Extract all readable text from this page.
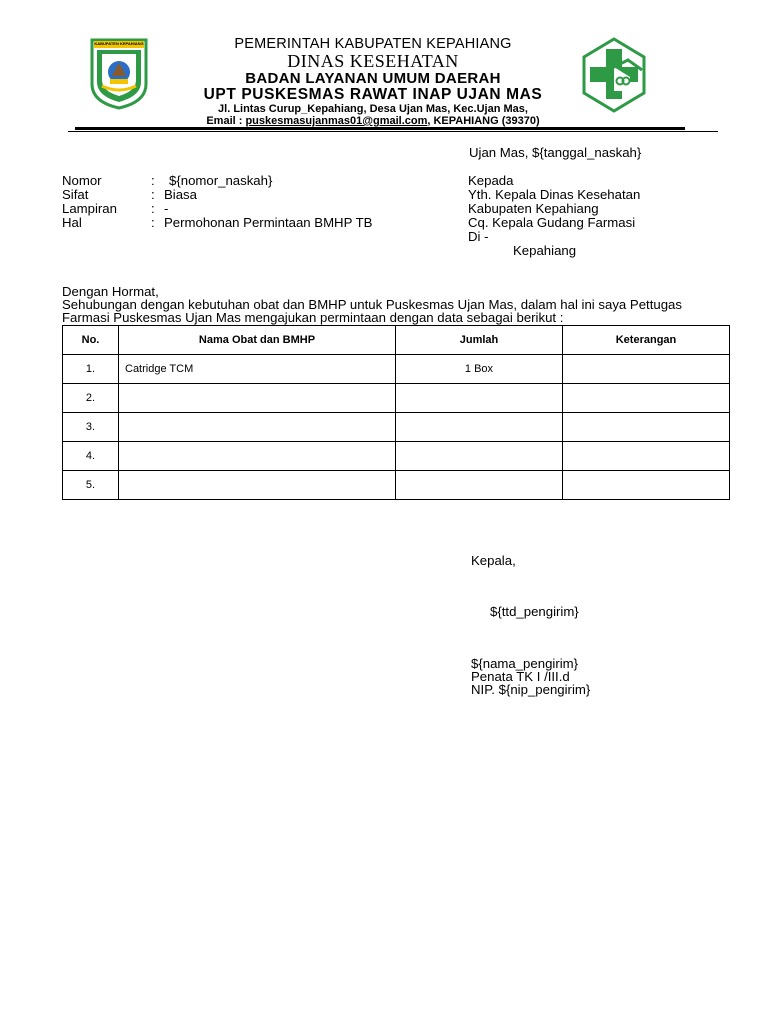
KABUPATEN KEPAHIANG	PEMERINTAH KABUPATEN KEPAHIANG
DINAS KESEHATAN
BADAN LAYANAN UMUM DAERAH
UPT PUSKESMAS RAWAT INAP UJAN MAS
Jl. Lintas Curup_Kepahiang, Desa Ujan Mas, Kec.Ujan Mas,
Email : puskesmasujanmas01@gmail.com, KEPAHIANG (39370)
Ujan Mas, ${tanggal_naskah}
Nomor	: ${nomor_naskah}
Sifat	: Biasa
Lampiran	: -
Hal	: Permohonan Permintaan BMHP TB
Kepada
Yth. Kepala Dinas Kesehatan
Kabupaten Kepahiang
Cq. Kepala Gudang Farmasi
Di -
Kepahiang
Dengan Hormat,
Sehubungan dengan kebutuhan obat dan BMHP untuk Puskesmas Ujan Mas, dalam hal ini saya Pettugas
Farmasi Puskesmas Ujan Mas mengajukan permintaan dengan data sebagai berikut :
No.	Nama Obat dan BMHP	Jumlah	Keterangan
1.	Catridge TCM	1 Box	
2.			
3.			
4.			
5.			
Kepala,
${ttd_pengirim}
${nama_pengirim}
Penata TK I /III.d
NIP. ${nip_pengirim}
